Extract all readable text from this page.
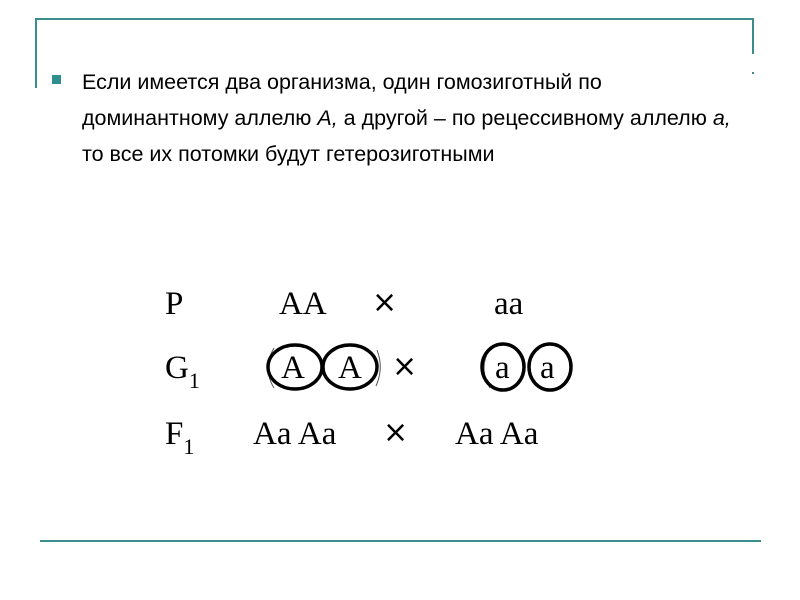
Если имеется два организма, один гомозиготный по доминантному аллелю А, а другой – по рецессивному аллелю а, то все их потомки будут гетерозиготными
P	AA ×	aa
$G_1$ A A × a a
$F_1$ Aa Aa × Aa Aa
